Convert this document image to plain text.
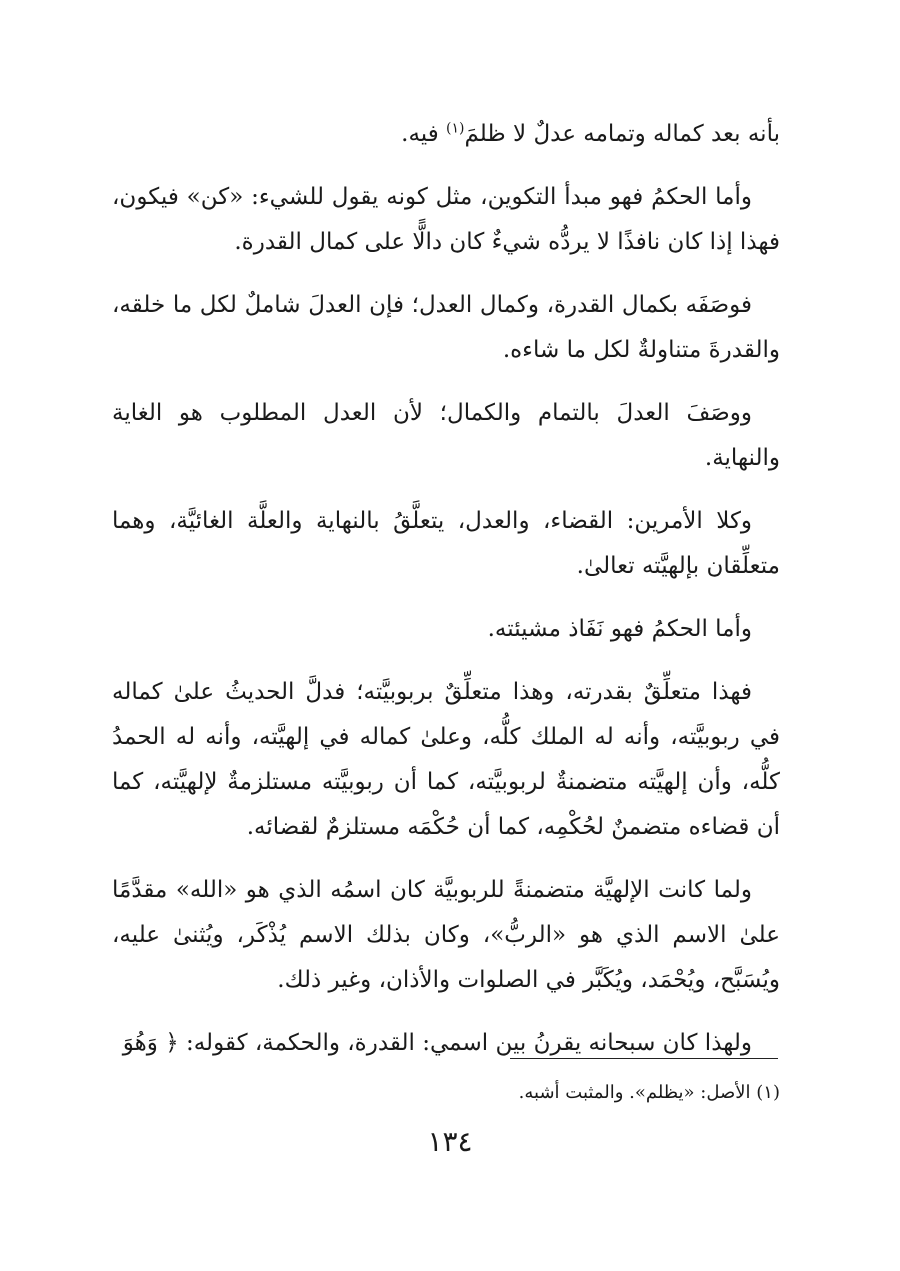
بأنه بعد كماله وتمامه عدلٌ لا ظلمَ$^{(١)}$ فيه.

وأما الحكمُ فهو مبدأ التكوين، مثل كونه يقول للشيء: «كن» فيكون، فهذا إذا كان نافذًا لا يردُّه شيءٌ كان دالًّا على كمال القدرة.

فوصَفَه بكمال القدرة، وكمال العدل؛ فإن العدلَ شاملٌ لكل ما خلقه، والقدرةَ متناولةٌ لكل ما شاءه.

ووصَفَ العدلَ بالتمام والكمال؛ لأن العدل المطلوب هو الغاية والنهاية.

وكلا الأمرين: القضاء، والعدل، يتعلَّقُ بالنهاية والعلَّة الغائيَّة، وهما متعلِّقان بإلهيَّته تعالىٰ.

وأما الحكمُ فهو نَفَاذ مشيئته.

فهذا متعلِّقٌ بقدرته، وهذا متعلِّقٌ بربوبيَّته؛ فدلَّ الحديثُ علىٰ كماله في ربوبيَّته، وأنه له الملك كلُّه، وعلىٰ كماله في إلهيَّته، وأنه له الحمدُ كلُّه، وأن إلهيَّته متضمنةٌ لربوبيَّته، كما أن ربوبيَّته مستلزمةٌ لإلهيَّته، كما أن قضاءه متضمنٌ لحُكْمِه، كما أن حُكْمَه مستلزمٌ لقضائه.

ولما كانت الإلهيَّة متضمنةً للربوبيَّة كان اسمُه الذي هو «الله» مقدَّمًا علىٰ الاسم الذي هو «الربُّ»، وكان بذلك الاسم يُذْكَر، ويُثنىٰ عليه، ويُسَبَّح، ويُحْمَد، ويُكَبَّر في الصلوات والأذان، وغير ذلك.

ولهذا كان سبحانه يقرنُ بين اسمي: القدرة، والحكمة، كقوله: ﴿ وَهُوَ

(١) الأصل: «يظلم». والمثبت أشبه.
١٣٤
